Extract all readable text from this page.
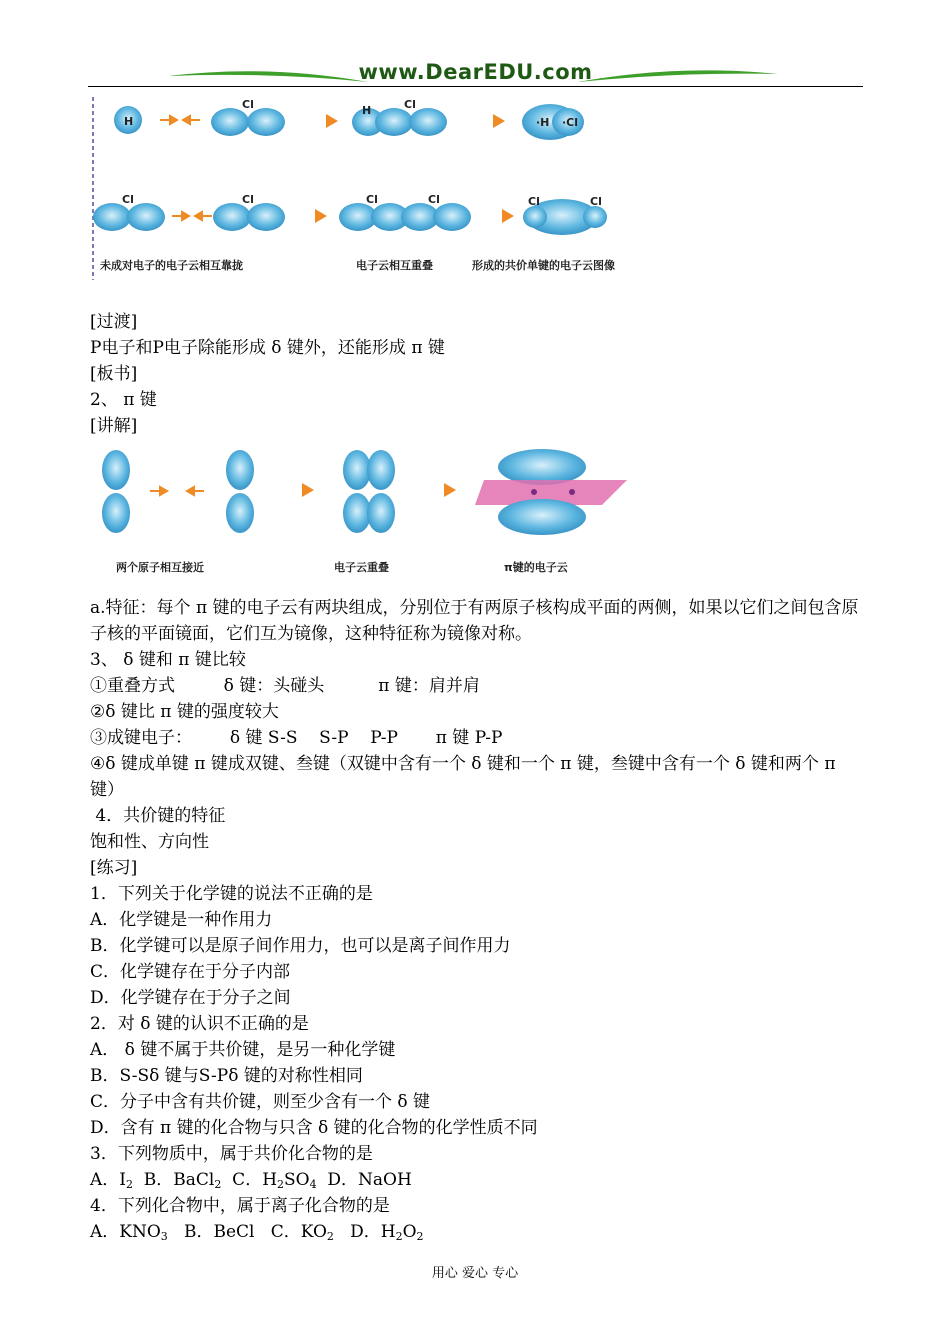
www.DearEDU.com
H
Cl	H	Cl
·H ·Cl
Cl	Cl	Cl	Cl	Cl	Cl
未成对电子的电子云相互靠拢	电子云相互重叠	形成的共价单键的电子云图像
[过渡]
P电子和P电子除能形成 δ 键外，还能形成 π 键
[板书]
2、 π 键
[讲解]
两个原子相互接近	电子云重叠	π键的电子云
a.特征：每个 π 键的电子云有两块组成，分别位于有两原子核构成平面的两侧，如果以它们之间包含原子核的平面镜面，它们互为镜像，这种特征称为镜像对称。
3、 δ 键和 π 键比较
①重叠方式         δ 键：头碰头          π 键：肩并肩
②δ 键比 π 键的强度较大
③成键电子：       δ 键 S-S    S-P    P-P       π 键 P-P
④δ 键成单键 π 键成双键、叁键（双键中含有一个 δ 键和一个 π 键，叁键中含有一个 δ 键和两个 π 键）
4．共价键的特征
饱和性、方向性
[练习]
1．下列关于化学键的说法不正确的是
A．化学键是一种作用力
B．化学键可以是原子间作用力，也可以是离子间作用力
C．化学键存在于分子内部
D．化学键存在于分子之间
2．对 δ 键的认识不正确的是
A． δ 键不属于共价键，是另一种化学键
B．S-Sδ 键与S-Pδ 键的对称性相同
C．分子中含有共价键，则至少含有一个 δ 键
D．含有 π 键的化合物与只含 δ 键的化合物的化学性质不同
3．下列物质中，属于共价化合物的是
A．$I_2$  B．BaCl$_2$  C．$H_2SO_4$  D．NaOH
4．下列化合物中，属于离子化合物的是
A．$KNO_3$   B．BeCl   C．$KO_2$   D．$H_2O_2$
用心 爱心 专心
